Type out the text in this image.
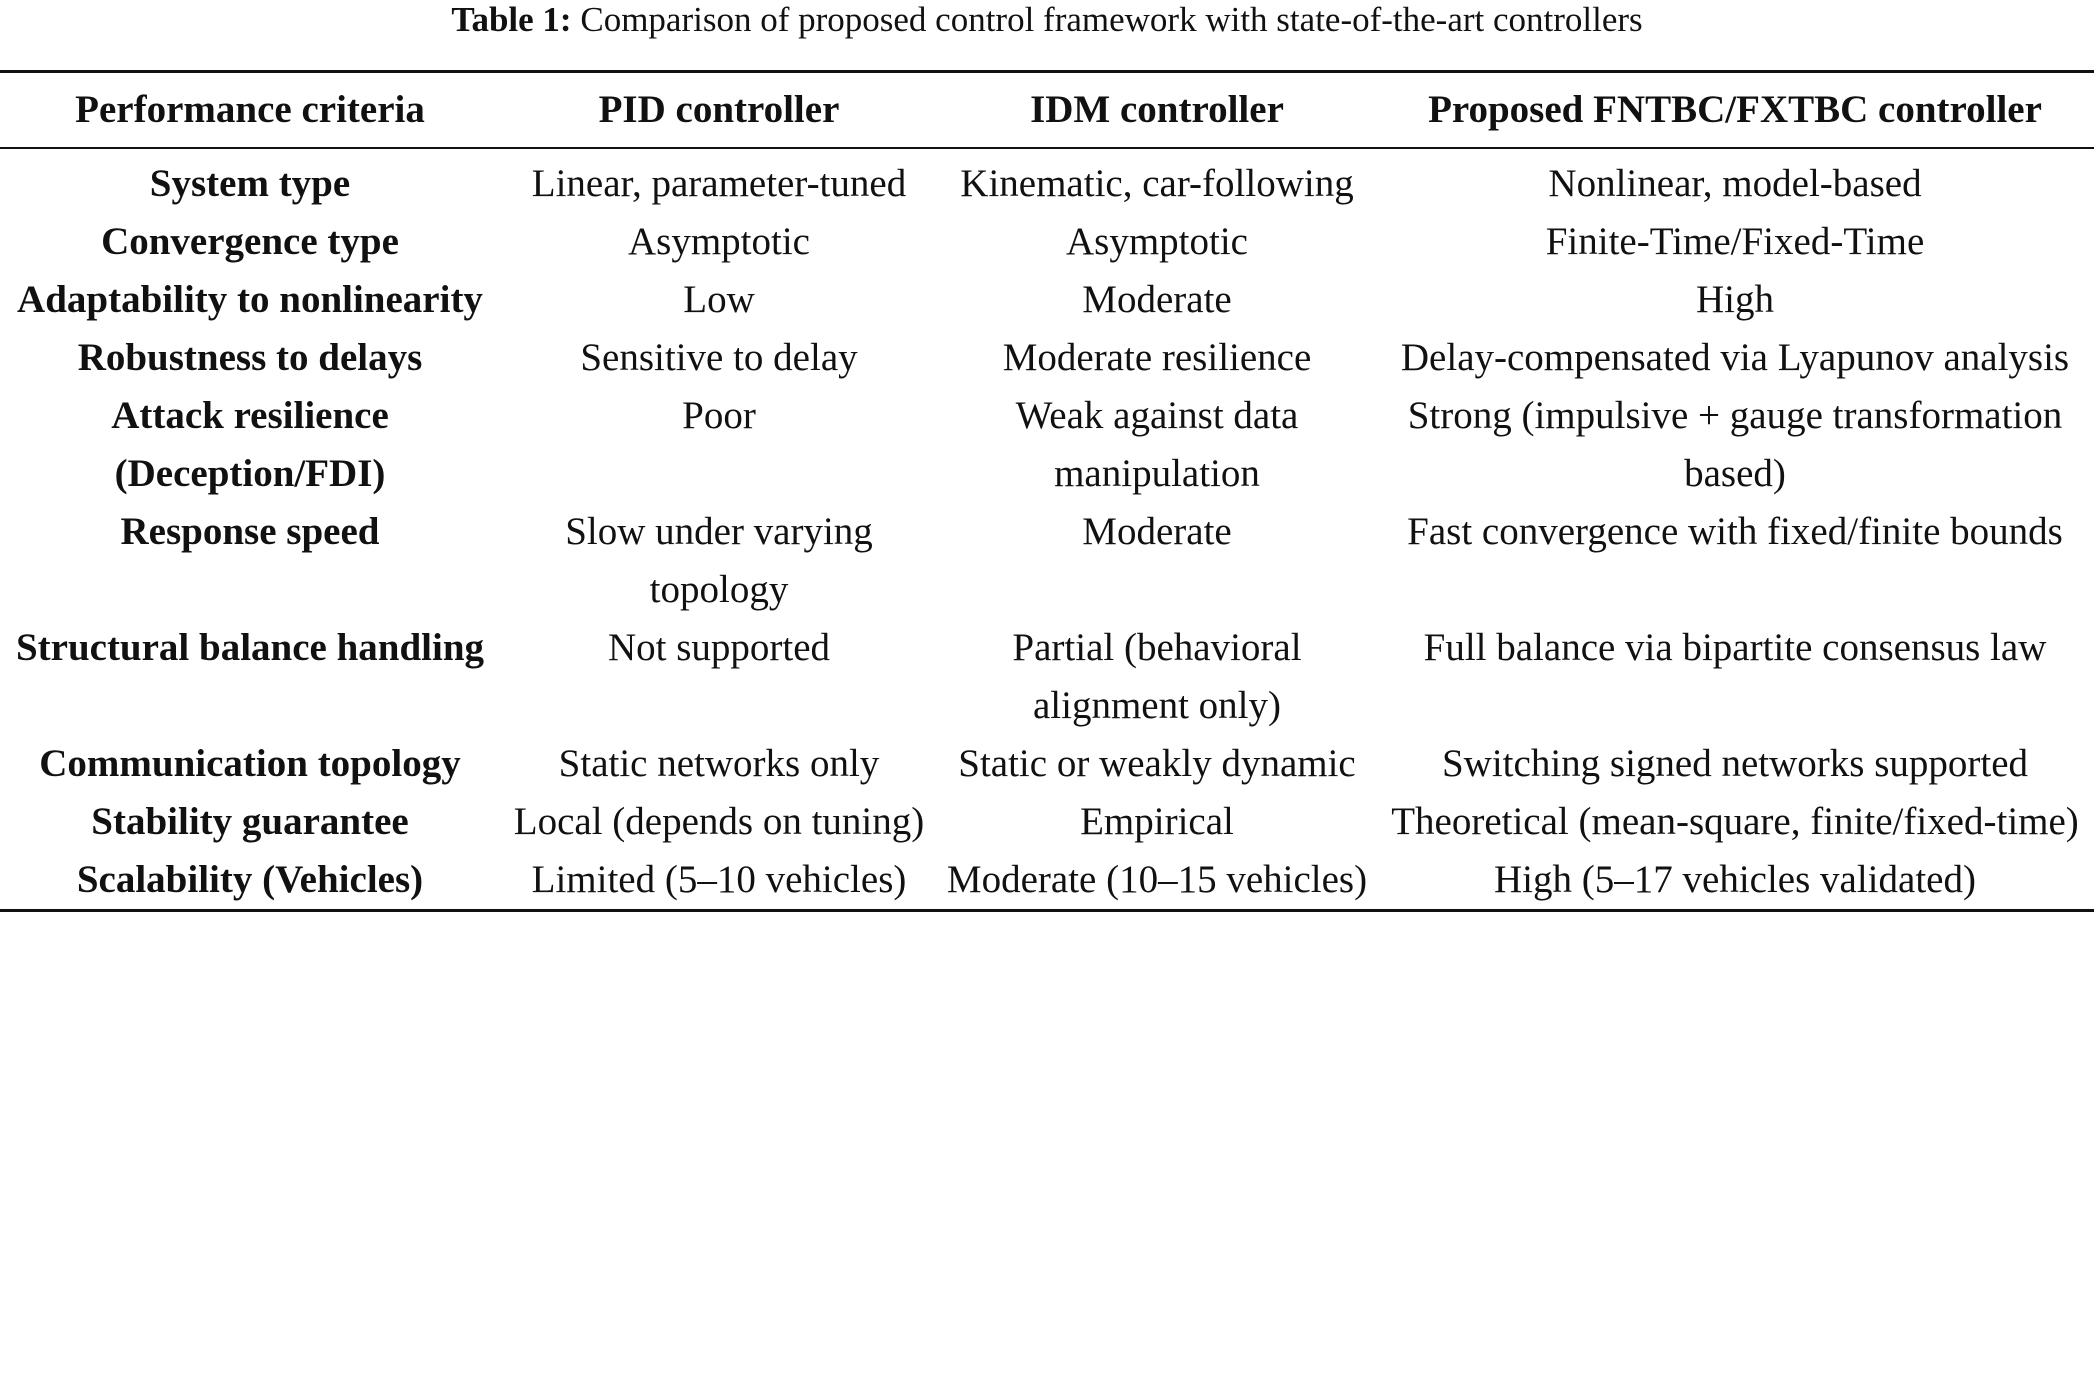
Table 1: Comparison of proposed control framework with state-of-the-art controllers
Performance criteria	PID controller	IDM controller	Proposed FNTBC/FXTBC controller
System type	Linear, parameter-tuned	Kinematic, car-following	Nonlinear, model-based
Convergence type	Asymptotic	Asymptotic	Finite-Time/Fixed-Time
Adaptability to nonlinearity	Low	Moderate	High
Robustness to delays	Sensitive to delay	Moderate resilience	Delay-compensated via Lyapunov analysis
Attack resilience (Deception/FDI)	Poor	Weak against data manipulation	Strong (impulsive + gauge transformation based)
Response speed	Slow under varying topology	Moderate	Fast convergence with fixed/finite bounds
Structural balance handling	Not supported	Partial (behavioral alignment only)	Full balance via bipartite consensus law
Communication topology	Static networks only	Static or weakly dynamic	Switching signed networks supported
Stability guarantee	Local (depends on tuning)	Empirical	Theoretical (mean-square, finite/fixed-time)
Scalability (Vehicles)	Limited (5–10 vehicles)	Moderate (10–15 vehicles)	High (5–17 vehicles validated)
